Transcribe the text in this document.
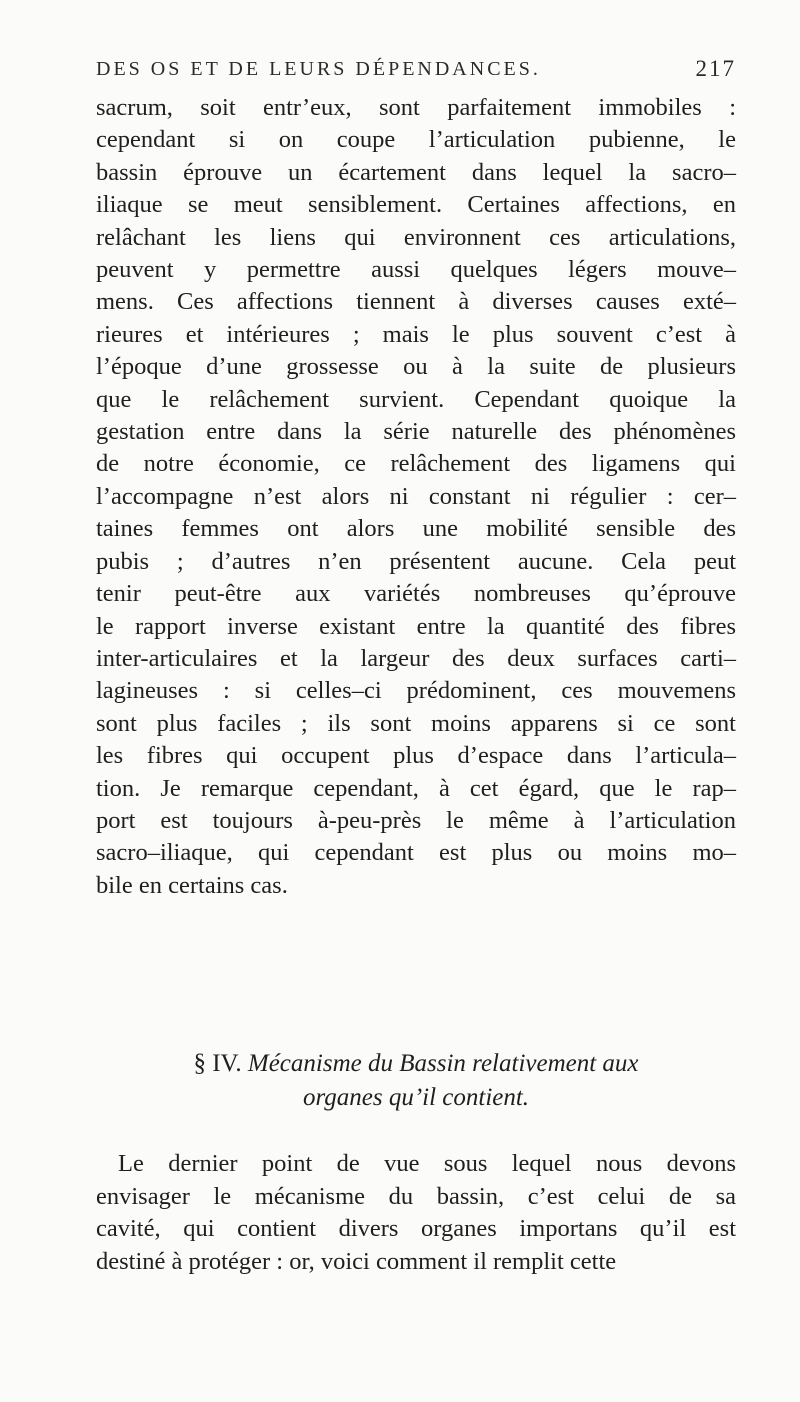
DES OS ET DE LEURS DÉPENDANCES.	217
sacrum, soit entr’eux, sont parfaitement immobiles :
cependant si on coupe l’articulation pubienne, le
bassin éprouve un écartement dans lequel la sacro–
iliaque se meut sensiblement. Certaines affections, en
relâchant les liens qui environnent ces articulations,
peuvent y permettre aussi quelques légers mouve–
mens. Ces affections tiennent à diverses causes exté–
rieures et intérieures ; mais le plus souvent c’est à
l’époque d’une grossesse ou à la suite de plusieurs
que le relâchement survient. Cependant quoique la
gestation entre dans la série naturelle des phénomènes
de notre économie, ce relâchement des ligamens qui
l’accompagne n’est alors ni constant ni régulier : cer–
taines femmes ont alors une mobilité sensible des
pubis ; d’autres n’en présentent aucune. Cela peut
tenir peut-être aux variétés nombreuses qu’éprouve
le rapport inverse existant entre la quantité des fibres
inter-articulaires et la largeur des deux surfaces carti–
lagineuses : si celles–ci prédominent, ces mouvemens
sont plus faciles ; ils sont moins apparens si ce sont
les fibres qui occupent plus d’espace dans l’articula–
tion. Je remarque cependant, à cet égard, que le rap–
port est toujours à-peu-près le même à l’articulation
sacro–iliaque, qui cependant est plus ou moins mo–
bile en certains cas.
§ IV. Mécanisme du Bassin relativement aux
organes qu’il contient.
Le dernier point de vue sous lequel nous devons
envisager le mécanisme du bassin, c’est celui de sa
cavité, qui contient divers organes importans qu’il est
destiné à protéger : or, voici comment il remplit cette
